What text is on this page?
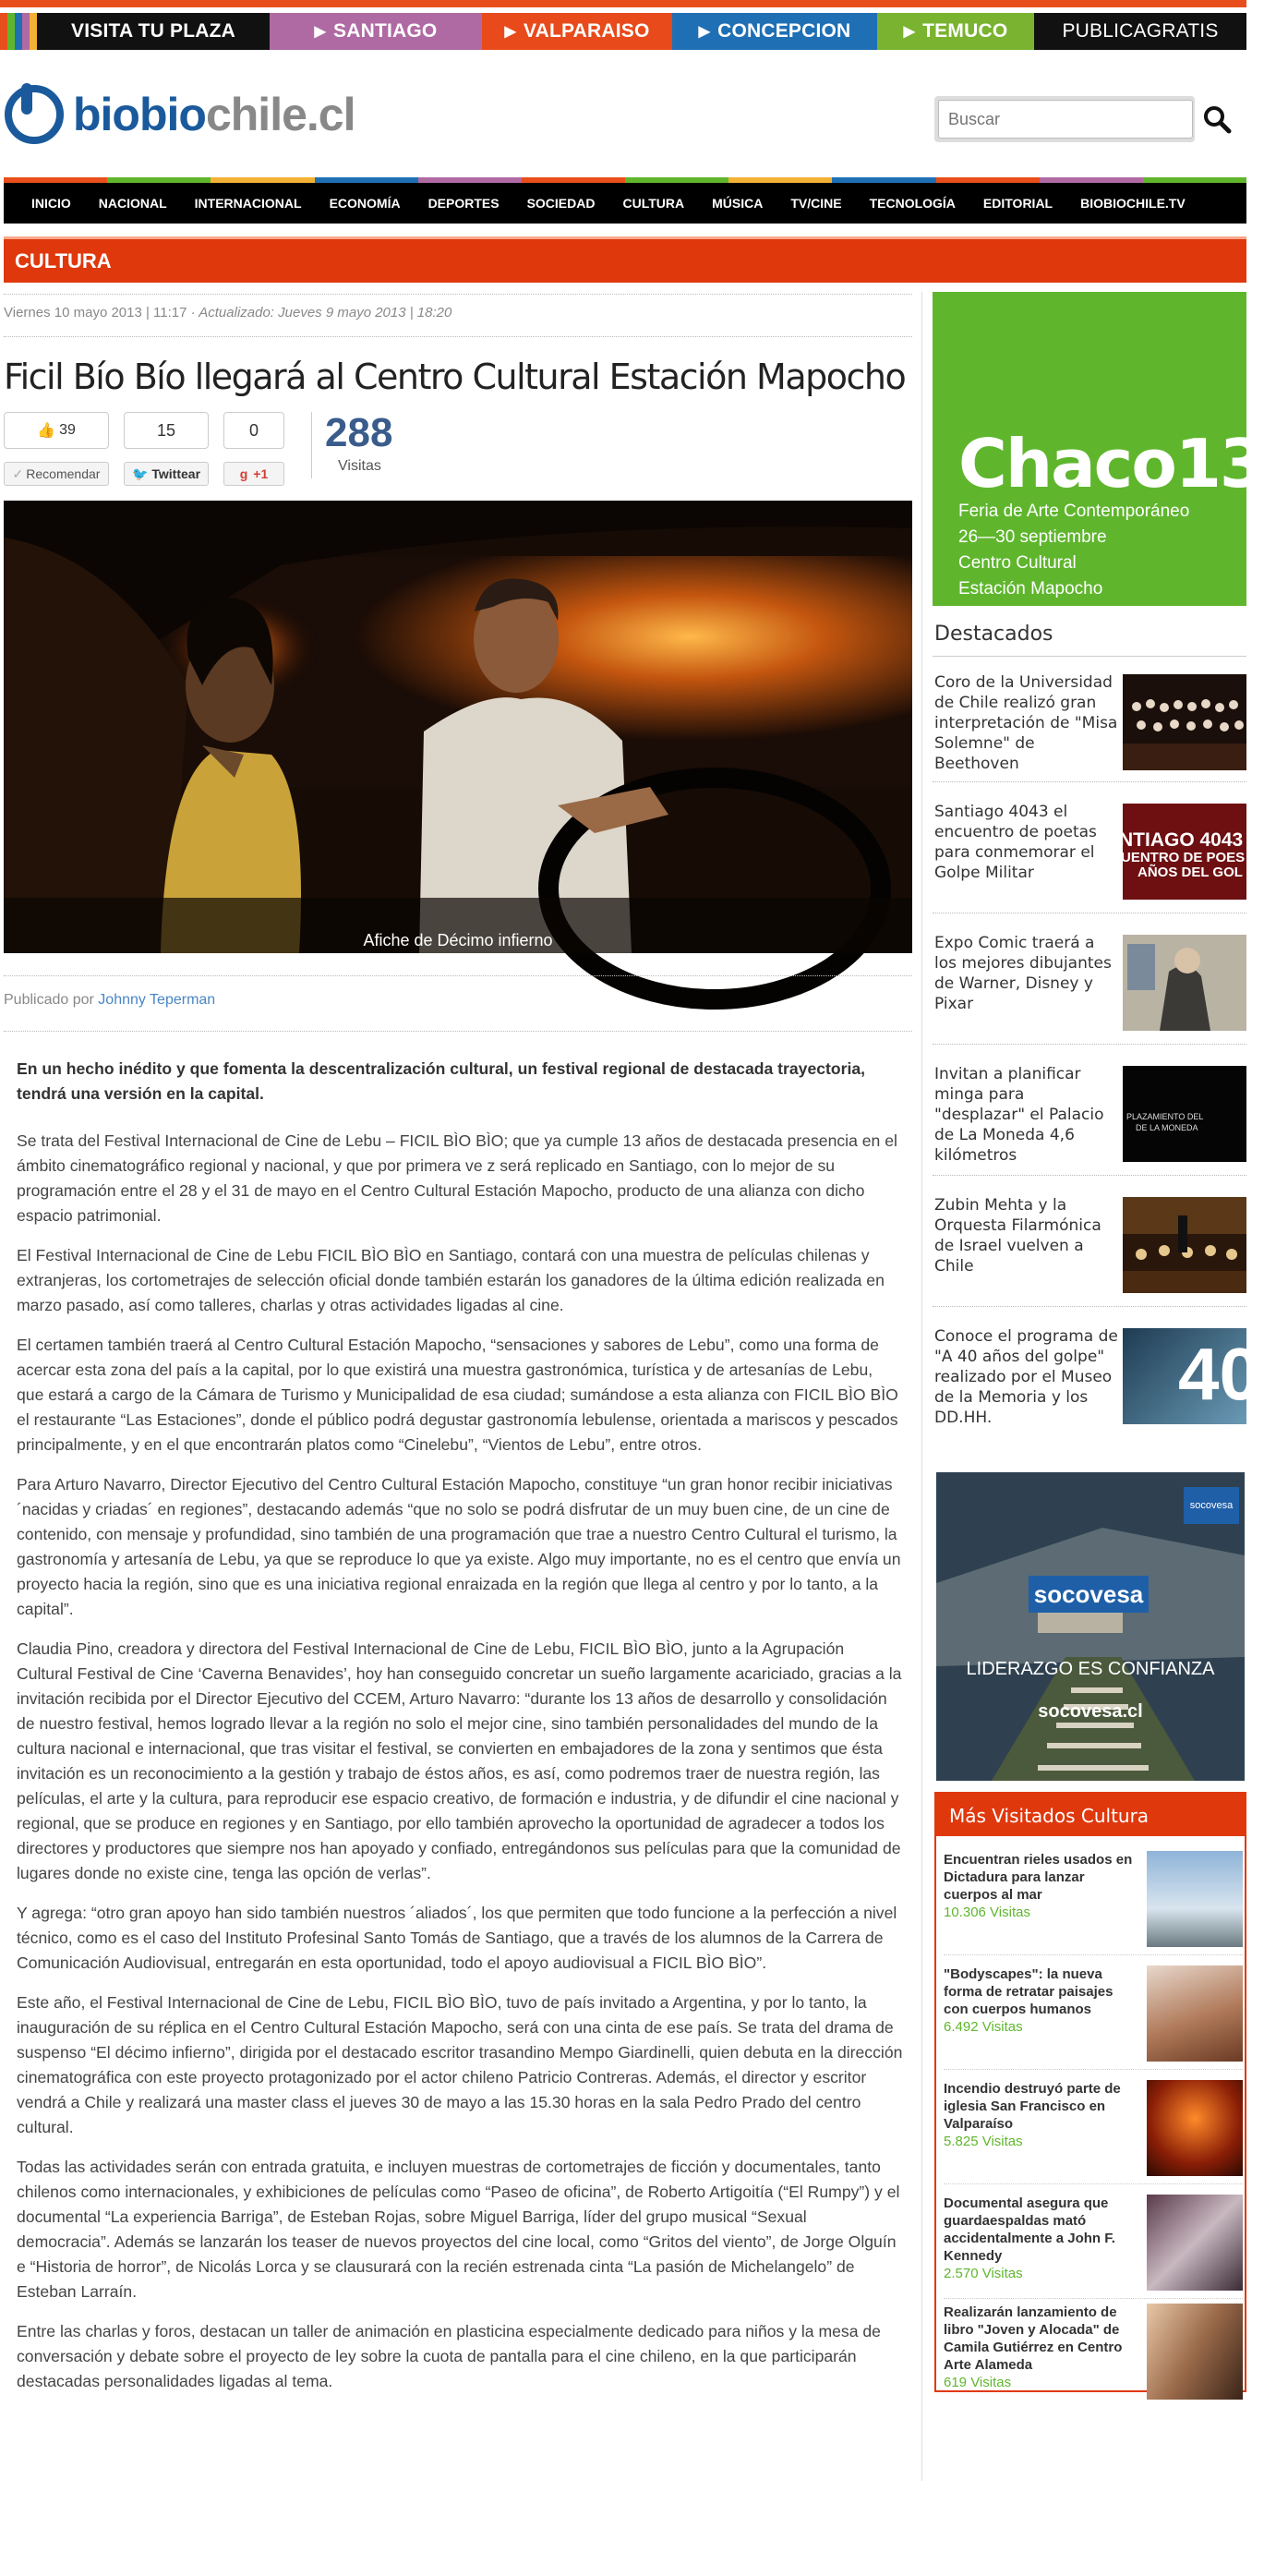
VISITA TU PLAZA	▶ SANTIAGO	▶ VALPARAISO	▶ CONCEPCION	▶ TEMUCO	PUBLICAGRATIS
biobiochile.cl
Buscar
INICIO NACIONAL INTERNACIONAL ECONOMÍA DEPORTES SOCIEDAD CULTURA MÚSICA TV/CINE TECNOLOGÍA EDITORIAL BIOBIOCHILE.TV
CULTURA
Viernes 10 mayo 2013 | 11:17 · Actualizado: Jueves 9 mayo 2013 | 18:20
Ficil Bío Bío llegará al Centro Cultural Estación Mapocho
👍 39
✓ Recomendar
15
🐦 Twittear
0
g +1
288
Visitas
Afiche de Décimo infierno
Publicado por Johnny Teperman

En un hecho inédito y que fomenta la descentralización cultural, un festival regional de destacada trayectoria, tendrá una versión en la capital.

Se trata del Festival Internacional de Cine de Lebu – FICIL BÌO BÌO; que ya cumple 13 años de destacada presencia en el ámbito cinematográfico regional y nacional, y que por primera ve z será replicado en Santiago, con lo mejor de su programación entre el 28 y el 31 de mayo en el Centro Cultural Estación Mapocho, producto de una alianza con dicho espacio patrimonial.

El Festival Internacional de Cine de Lebu FICIL BÌO BÌO en Santiago, contará con una muestra de películas chilenas y extranjeras, los cortometrajes de selección oficial donde también estarán los ganadores de la última edición realizada en marzo pasado, así como talleres, charlas y otras actividades ligadas al cine.

El certamen también traerá al Centro Cultural Estación Mapocho, “sensaciones y sabores de Lebu”, como una forma de acercar esta zona del país a la capital, por lo que existirá una muestra gastronómica, turística y de artesanías de Lebu, que estará a cargo de la Cámara de Turismo y Municipalidad de esa ciudad; sumándose a esta alianza con FICIL BÌO BÌO el restaurante “Las Estaciones”, donde el público podrá degustar gastronomía lebulense, orientada a mariscos y pescados principalmente, y en el que encontrarán platos como “Cinelebu”, “Vientos de Lebu”, entre otros.

Para Arturo Navarro, Director Ejecutivo del Centro Cultural Estación Mapocho, constituye “un gran honor recibir iniciativas ´nacidas y criadas´ en regiones”, destacando además “que no solo se podrá disfrutar de un muy buen cine, de un cine de contenido, con mensaje y profundidad, sino también de una programación que trae a nuestro Centro Cultural el turismo, la gastronomía y artesanía de Lebu, ya que se reproduce lo que ya existe. Algo muy importante, no es el centro que envía un proyecto hacia la región, sino que es una iniciativa regional enraizada en la región que llega al centro y por lo tanto, a la capital”.

Claudia Pino, creadora y directora del Festival Internacional de Cine de Lebu, FICIL BÌO BÌO, junto a la Agrupación Cultural Festival de Cine ‘Caverna Benavides’, hoy han conseguido concretar un sueño largamente acariciado, gracias a la invitación recibida por el Director Ejecutivo del CCEM, Arturo Navarro: “durante los 13 años de desarrollo y consolidación de nuestro festival, hemos logrado llevar a la región no solo el mejor cine, sino también personalidades del mundo de la cultura nacional e internacional, que tras visitar el festival, se convierten en embajadores de la zona y sentimos que ésta invitación es un reconocimiento a la gestión y trabajo de éstos años, es así, como podremos traer de nuestra región, las películas, el arte y la cultura, para reproducir ese espacio creativo, de formación e industria, y de difundir el cine nacional y regional, que se produce en regiones y en Santiago, por ello también aprovecho la oportunidad de agradecer a todos los directores y productores que siempre nos han apoyado y confiado, entregándonos sus películas para que la comunidad de lugares donde no existe cine, tenga las opción de verlas”.

Y agrega: “otro gran apoyo han sido también nuestros ´aliados´, los que permiten que todo funcione a la perfección a nivel técnico, como es el caso del Instituto Profesinal Santo Tomás de Santiago, que a través de los alumnos de la Carrera de Comunicación Audiovisual, entregarán en esta oportunidad, todo el apoyo audiovisual a FICIL BÌO BÌO”.

Este año, el Festival Internacional de Cine de Lebu, FICIL BÌO BÌO, tuvo de país invitado a Argentina, y por lo tanto, la inauguración de su réplica en el Centro Cultural Estación Mapocho, será con una cinta de ese país. Se trata del drama de suspenso “El décimo infierno”, dirigida por el destacado escritor trasandino Mempo Giardinelli, quien debuta en la dirección cinematográfica con este proyecto protagonizado por el actor chileno Patricio Contreras. Además, el director y escritor vendrá a Chile y realizará una master class el jueves 30 de mayo a las 15.30 horas en la sala Pedro Prado del centro cultural.

Todas las actividades serán con entrada gratuita, e incluyen muestras de cortometrajes de ficción y documentales, tanto chilenos como internacionales, y exhibiciones de películas como “Paseo de oficina”, de Roberto Artigoitía (“El Rumpy”) y el documental “La experiencia Barriga”, de Esteban Rojas, sobre Miguel Barriga, líder del grupo musical “Sexual democracia”. Además se lanzarán los teaser de nuevos proyectos del cine local, como “Gritos del viento”, de Jorge Olguín e “Historia de horror”, de Nicolás Lorca y se clausurará con la recién estrenada cinta “La pasión de Michelangelo” de Esteban Larraín.

Entre las charlas y foros, destacan un taller de animación en plasticina especialmente dedicado para niños y la mesa de conversación y debate sobre el proyecto de ley sobre la cuota de pantalla para el cine chileno, en la que participarán destacadas personalidades ligadas al tema.

Chaco13
Feria de Arte Contemporáneo
26—30 septiembre
Centro Cultural
Estación Mapocho
Destacados
Coro de la Universidad de Chile realizó gran interpretación de "Misa Solemne" de Beethoven
Santiago 4043 el encuentro de poetas para conmemorar el Golpe Militar
NTIAGO 4043
UENTRO DE POES
AÑOS DEL GOL
Expo Comic traerá a los mejores dibujantes de Warner, Disney y Pixar
Invitan a planificar minga para "desplazar" el Palacio de La Moneda 4,6 kilómetros
PLAZAMIENTO DEL
DE LA MONEDA
Zubin Mehta y la Orquesta Filarmónica de Israel vuelven a Chile
Conoce el programa de "A 40 años del golpe" realizado por el Museo de la Memoria y los DD.HH.
40
socovesa
socovesa
LIDERAZGO ES CONFIANZA
socovesa.cl
Más Visitados Cultura
Encuentran rieles usados en Dictadura para lanzar cuerpos al mar
10.306 Visitas
"Bodyscapes": la nueva forma de retratar paisajes con cuerpos humanos
6.492 Visitas
Incendio destruyó parte de iglesia San Francisco en Valparaíso
5.825 Visitas
Documental asegura que guardaespaldas mató accidentalmente a John F. Kennedy
2.570 Visitas
Realizarán lanzamiento de libro "Joven y Alocada" de Camila Gutiérrez en Centro Arte Alameda
619 Visitas
